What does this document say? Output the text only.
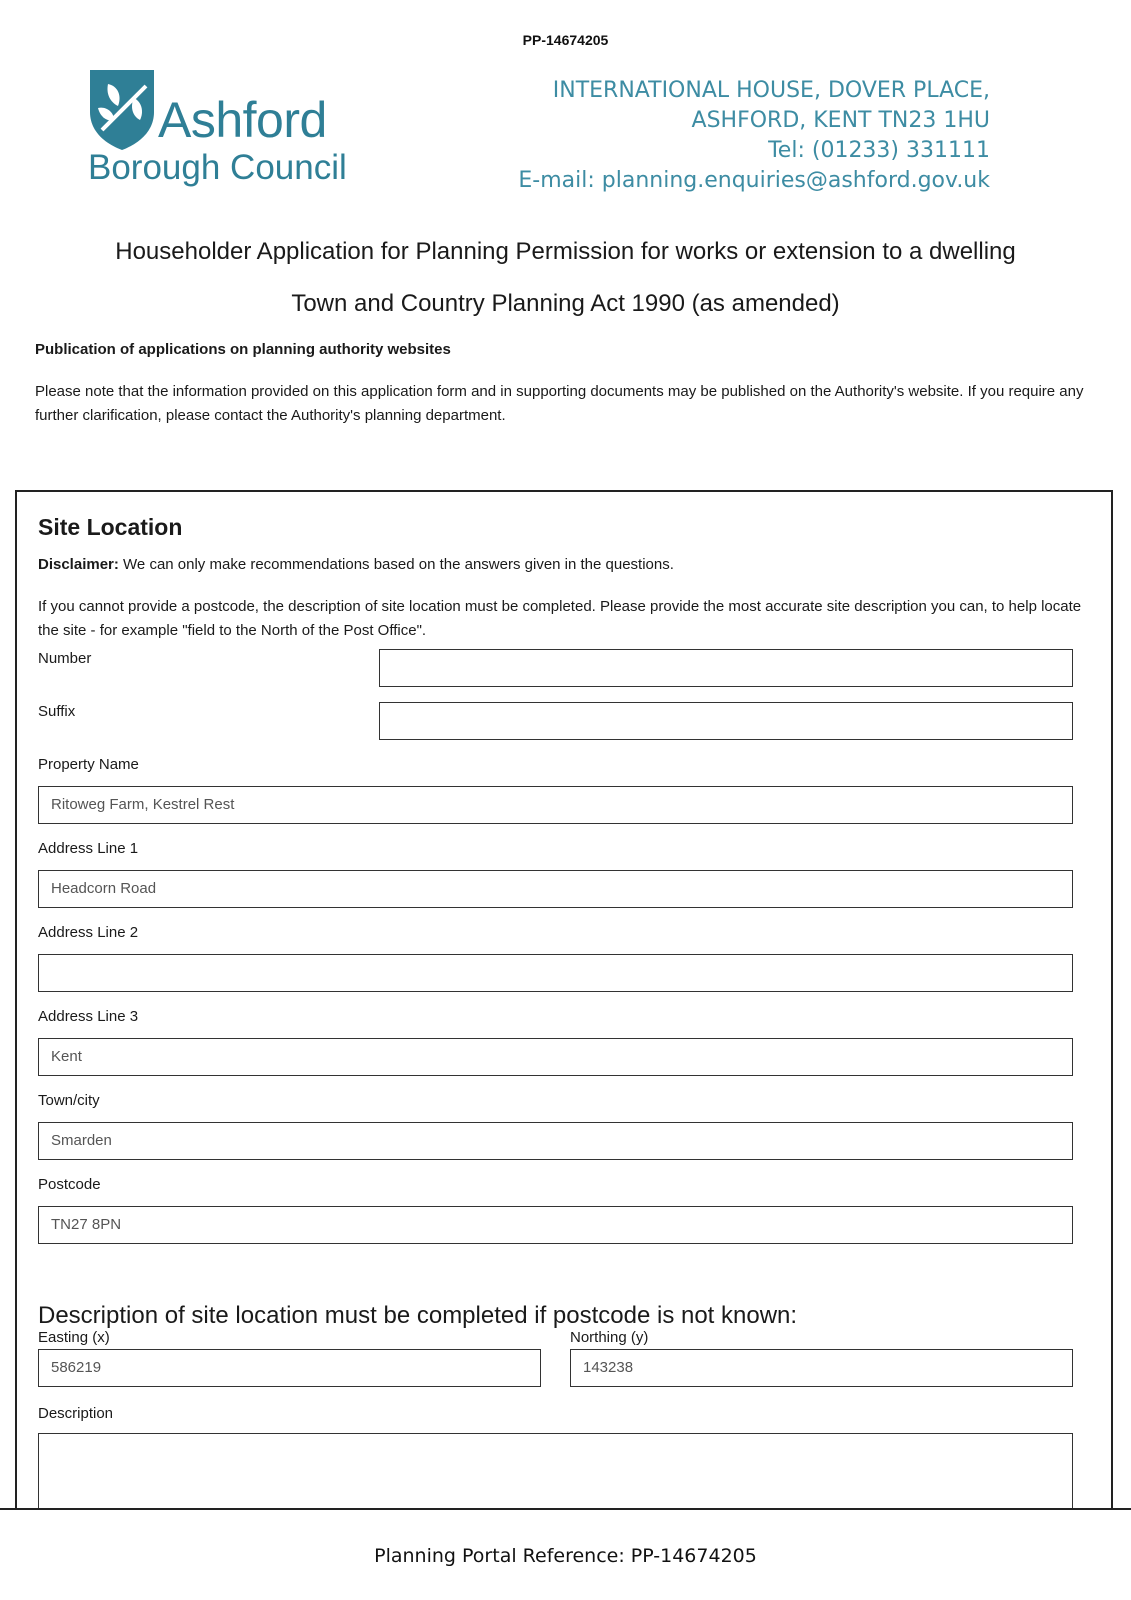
PP-14674205
Ashford
Borough Council
INTERNATIONAL HOUSE, DOVER PLACE,
ASHFORD, KENT TN23 1HU
Tel: (01233) 331111
E-mail: planning.enquiries@ashford.gov.uk
Householder Application for Planning Permission for works or extension to a dwelling
Town and Country Planning Act 1990 (as amended)
Publication of applications on planning authority websites
Please note that the information provided on this application form and in supporting documents may be published on the Authority's website. If you require any further clarification, please contact the Authority's planning department.
Site Location
Disclaimer: We can only make recommendations based on the answers given in the questions.
If you cannot provide a postcode, the description of site location must be completed. Please provide the most accurate site description you can, to help locate the site - for example "field to the North of the Post Office".
Number
Suffix
Property Name
Ritoweg Farm, Kestrel Rest
Address Line 1
Headcorn Road
Address Line 2
Address Line 3
Kent
Town/city
Smarden
Postcode
TN27 8PN
Description of site location must be completed if postcode is not known:
Easting (x)
586219
Northing (y)
143238
Description
Planning Portal Reference: PP-14674205
